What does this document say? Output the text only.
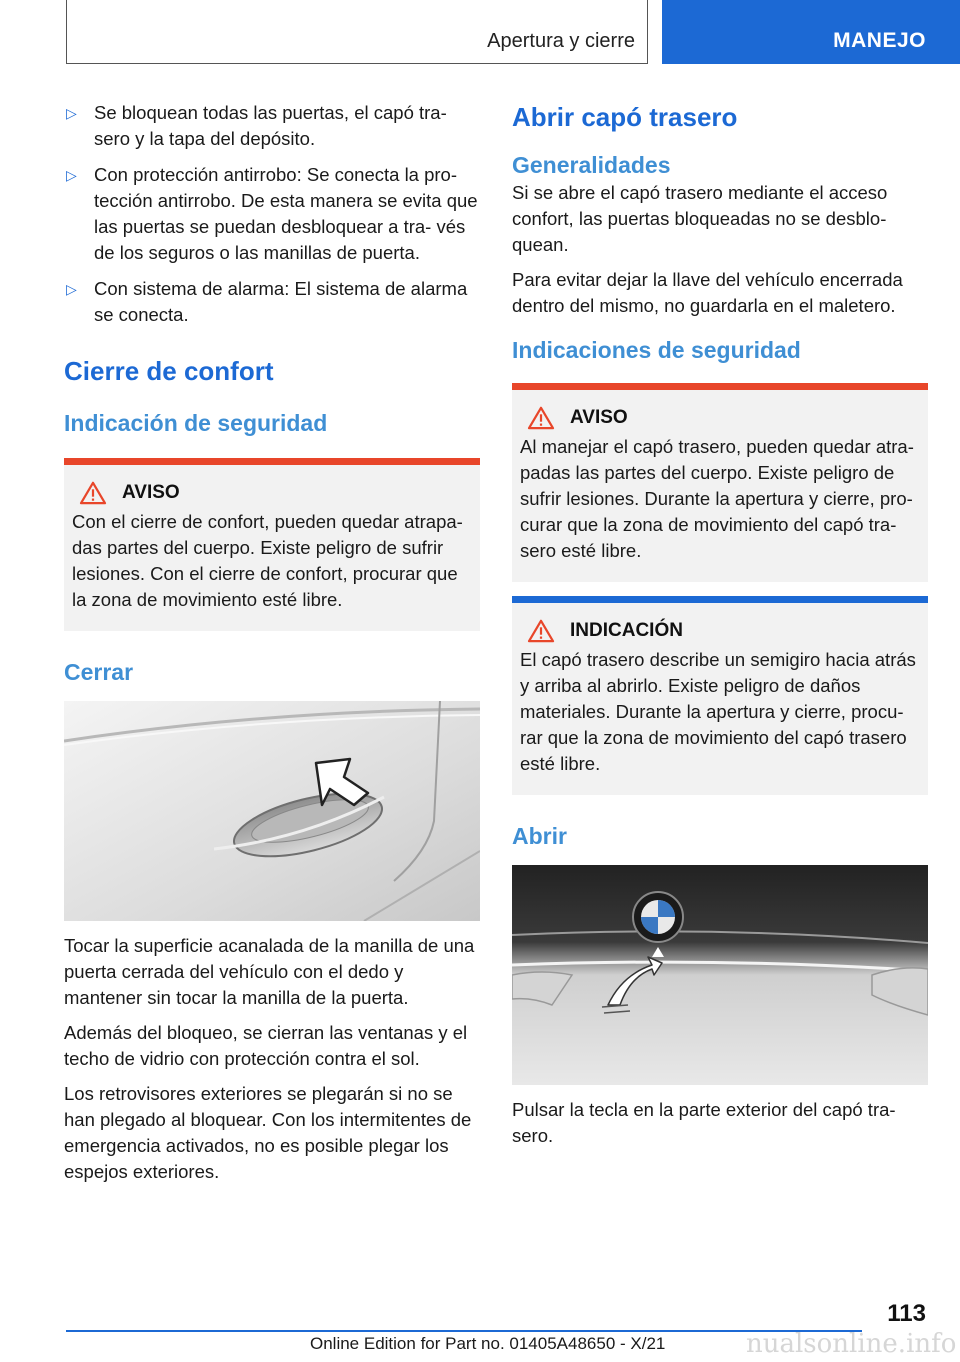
Apertura y cierre	MANEJO
▷ Se bloquean todas las puertas, el capó tra‐ sero y la tapa del depósito.
▷ Con protección antirrobo: Se conecta la pro‐ tección antirrobo. De esta manera se evita que las puertas se puedan desbloquear a tra‐ vés de los seguros o las manillas de puerta.
▷ Con sistema de alarma: El sistema de alarma se conecta.
Cierre de confort
Indicación de seguridad
AVISO
Con el cierre de confort, pueden quedar atrapa‐ das partes del cuerpo. Existe peligro de sufrir lesiones. Con el cierre de confort, procurar que la zona de movimiento esté libre.
Cerrar
Tocar la superficie acanalada de la manilla de una puerta cerrada del vehículo con el dedo y mantener sin tocar la manilla de la puerta.
Además del bloqueo, se cierran las ventanas y el techo de vidrio con protección contra el sol.
Los retrovisores exteriores se plegarán si no se han plegado al bloquear. Con los intermitentes de emergencia activados, no es posible plegar los espejos exteriores.
Abrir capó trasero
Generalidades
Si se abre el capó trasero mediante el acceso confort, las puertas bloqueadas no se desblo‐ quean.
Para evitar dejar la llave del vehículo encerrada dentro del mismo, no guardarla en el maletero.
Indicaciones de seguridad
AVISO
Al manejar el capó trasero, pueden quedar atra‐ padas las partes del cuerpo. Existe peligro de sufrir lesiones. Durante la apertura y cierre, pro‐ curar que la zona de movimiento del capó tra‐ sero esté libre.
INDICACIÓN
El capó trasero describe un semigiro hacia atrás y arriba al abrirlo. Existe peligro de daños materiales. Durante la apertura y cierre, procu‐ rar que la zona de movimiento del capó trasero esté libre.
Abrir
Pulsar la tecla en la parte exterior del capó tra‐ sero.
113
Online Edition for Part no. 01405A48650 - X/21	nualsonline.info
